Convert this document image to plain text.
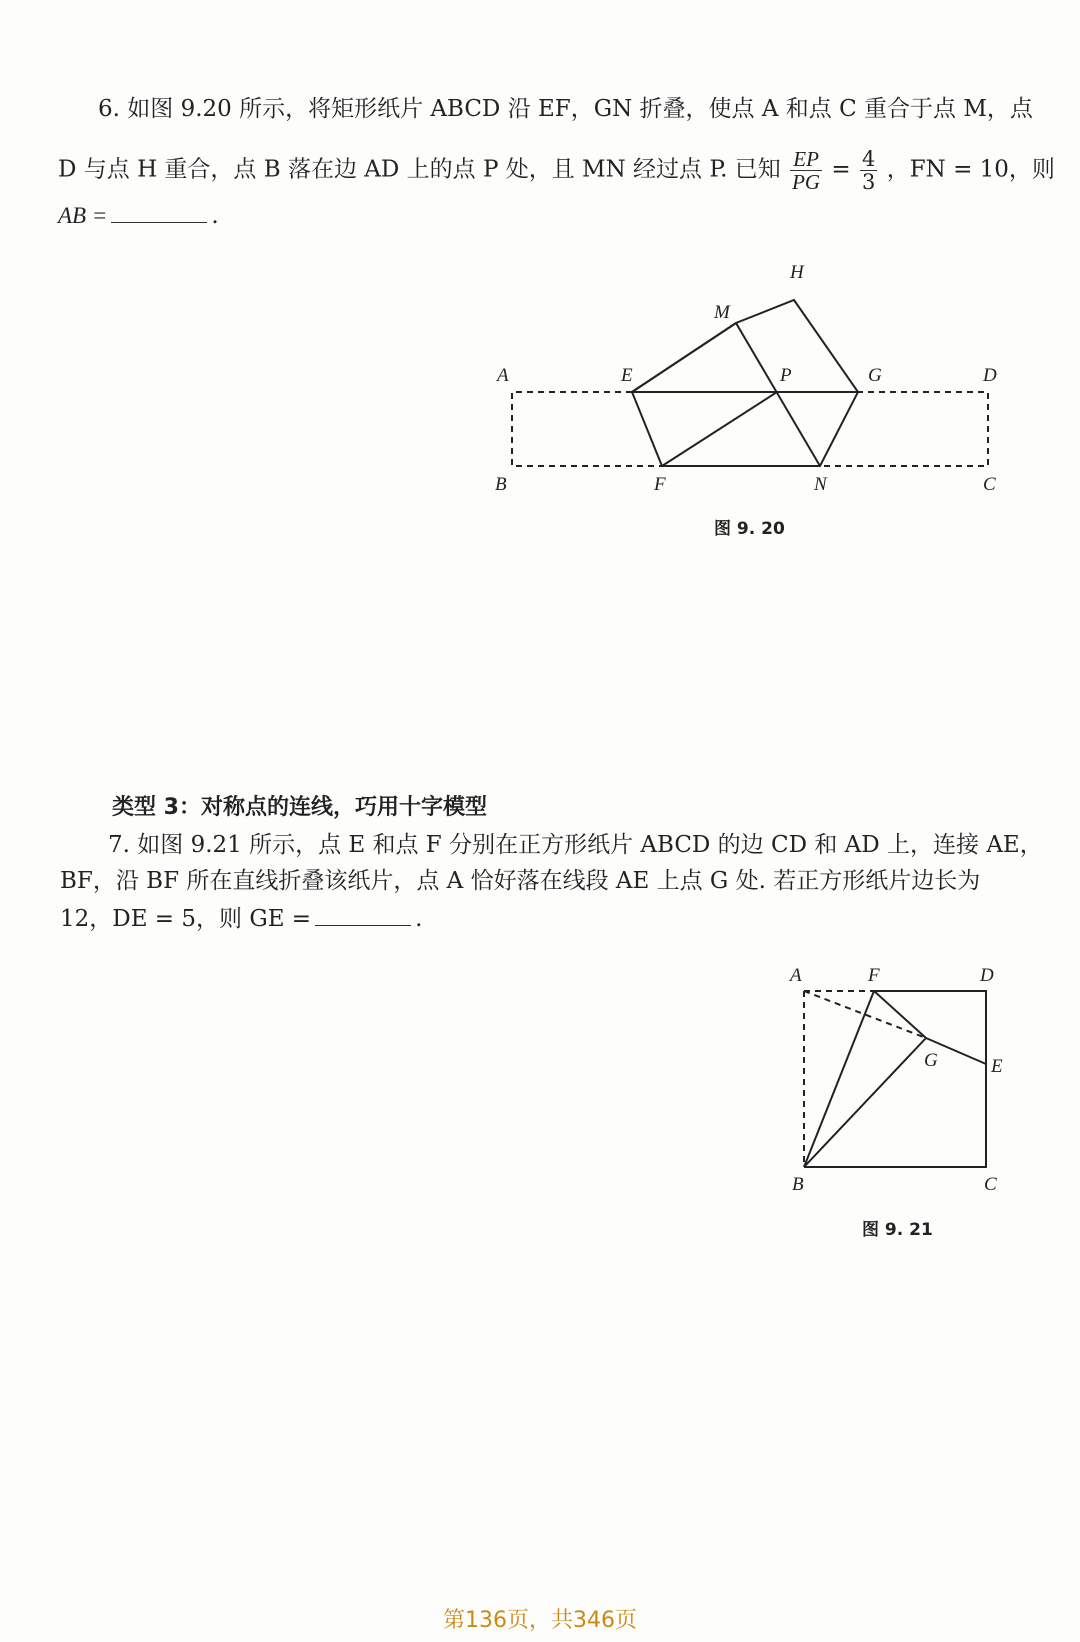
6. 如图 9.20 所示，将矩形纸片 ABCD 沿 EF，GN 折叠，使点 A 和点 C 重合于点 M，点
D 与点 H 重合，点 B 落在边 AD 上的点 P 处，且 MN 经过点 P. 已知 $\frac{EP}{PG} = \frac{4}{3}$ ，FN = 10，则
AB =	.
A
B	C
D
E
F
G
H
M
N
P
图 9. 20
类型 3：对称点的连线，巧用十字模型
7. 如图 9.21 所示，点 E 和点 F 分别在正方形纸片 ABCD 的边 CD 和 AD 上，连接 AE，
BF，沿 BF 所在直线折叠该纸片，点 A 恰好落在线段 AE 上点 G 处. 若正方形纸片边长为
12，DE = 5，则 GE =	.
A	F	D
G	E
B	C
图 9. 21
第136页，共346页
